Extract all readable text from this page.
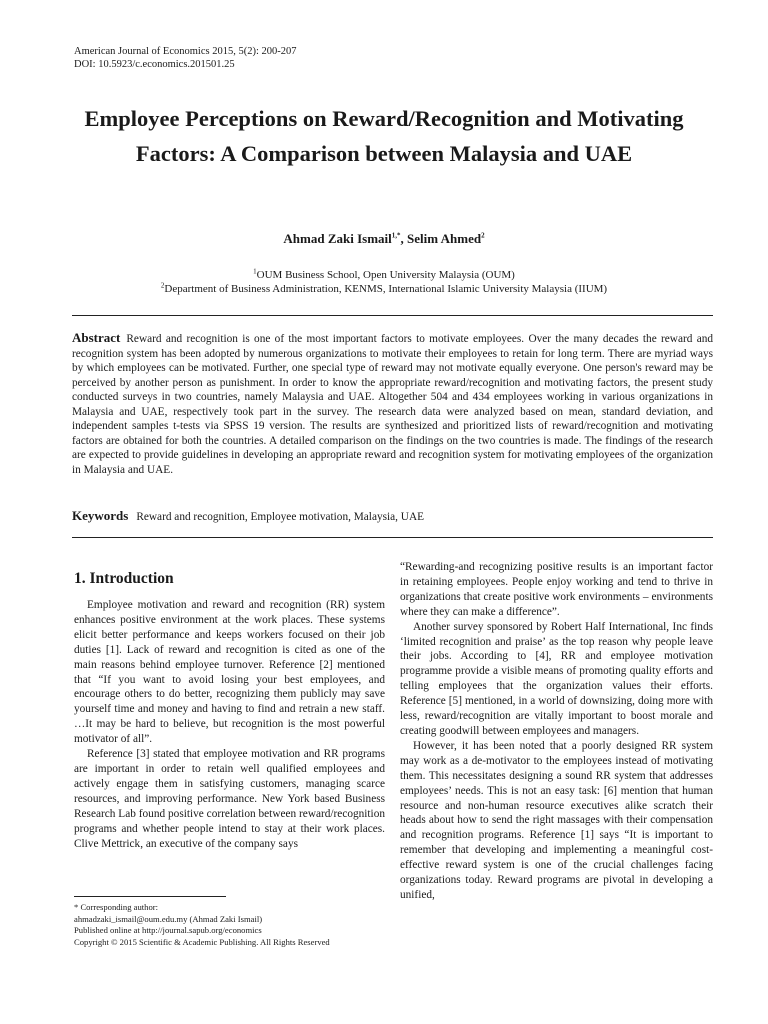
American Journal of Economics 2015, 5(2): 200-207
DOI: 10.5923/c.economics.201501.25
Employee Perceptions on Reward/Recognition and Motivating Factors: A Comparison between Malaysia and UAE
Ahmad Zaki Ismail$^{1,*}$, Selim Ahmed$^2$
$^1$OUM Business School, Open University Malaysia (OUM)
$^2$Department of Business Administration, KENMS, International Islamic University Malaysia (IIUM)
Abstract Reward and recognition is one of the most important factors to motivate employees. Over the many decades the reward and recognition system has been adopted by numerous organizations to motivate their employees to retain for long term. There are myriad ways by which employees can be motivated. Further, one special type of reward may not motivate equally everyone. One person's reward may be perceived by another person as punishment. In order to know the appropriate reward/recognition and motivating factors, the present study conducted surveys in two countries, namely Malaysia and UAE. Altogether 504 and 434 employees working in various organizations in Malaysia and UAE, respectively took part in the survey. The research data were analyzed based on mean, standard deviation, and independent samples t-tests via SPSS 19 version. The results are synthesized and prioritized lists of reward/recognition and motivating factors are obtained for both the countries. A detailed comparison on the findings on the two countries is made. The findings of the research are expected to provide guidelines in developing an appropriate reward and recognition system for motivating employees of the organization in Malaysia and UAE.
Keywords Reward and recognition, Employee motivation, Malaysia, UAE
1. Introduction

Employee motivation and reward and recognition (RR) system enhances positive environment at the work places. These systems elicit better performance and keeps workers focused on their job duties [1]. Lack of reward and recognition is cited as one of the main reasons behind employee turnover. Reference [2] mentioned that “If you want to avoid losing your best employees, and encourage others to do better, recognizing them publicly may save yourself time and money and having to find and retrain a new staff. …It may be hard to believe, but recognition is the most powerful motivator of all”.

Reference [3] stated that employee motivation and RR programs are important in order to retain well qualified employees and actively engage them in satisfying customers, managing scarce resources, and improving performance. New York based Business Research Lab found positive correlation between reward/recognition programs and whether people intend to stay at their work places. Clive Mettrick, an executive of the company says

“Rewarding-and recognizing positive results is an important factor in retaining employees. People enjoy working and tend to thrive in organizations that create positive work environments – environments where they can make a difference”.

Another survey sponsored by Robert Half International, Inc finds ‘limited recognition and praise’ as the top reason why people leave their jobs. According to [4], RR and employee motivation programme provide a visible means of promoting quality efforts and telling employees that the organization values their efforts. Reference [5] mentioned, in a world of downsizing, doing more with less, reward/recognition are vitally important to boost morale and creating goodwill between employees and managers.

However, it has been noted that a poorly designed RR system may work as a de-motivator to the employees instead of motivating them. This necessitates designing a sound RR system that addresses employees’ needs. This is not an easy task: [6] mention that human resource and non-human resource executives alike scratch their heads about how to send the right massages with their compensation and recognition programs. Reference [1] says “It is important to remember that developing and implementing a meaningful cost-effective reward system is one of the crucial challenges facing organizations today. Reward programs are pivotal in developing a unified,

* Corresponding author:
ahmadzaki_ismail@oum.edu.my (Ahmad Zaki Ismail)
Published online at http://journal.sapub.org/economics
Copyright © 2015 Scientific & Academic Publishing. All Rights Reserved
